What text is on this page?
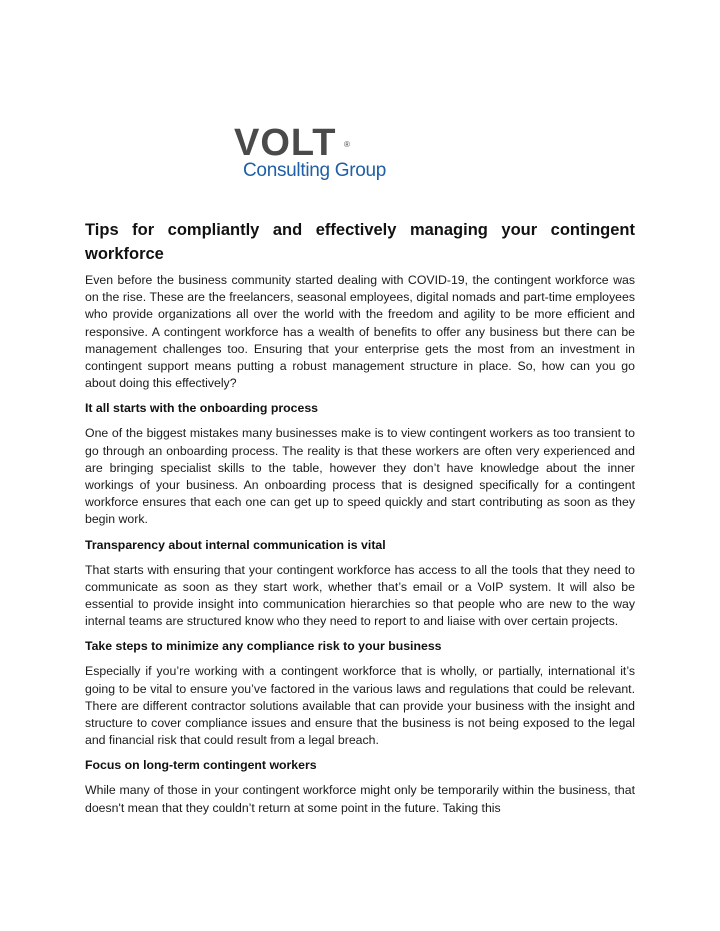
VOLT ®
Consulting Group
Tips for compliantly and effectively managing your contingent workforce

Even before the business community started dealing with COVID-19, the contingent workforce was on the rise. These are the freelancers, seasonal employees, digital nomads and part-time employees who provide organizations all over the world with the freedom and agility to be more efficient and responsive. A contingent workforce has a wealth of benefits to offer any business but there can be management challenges too. Ensuring that your enterprise gets the most from an investment in contingent support means putting a robust management structure in place. So, how can you go about doing this effectively?

It all starts with the onboarding process

One of the biggest mistakes many businesses make is to view contingent workers as too transient to go through an onboarding process. The reality is that these workers are often very experienced and are bringing specialist skills to the table, however they don’t have knowledge about the inner workings of your business. An onboarding process that is designed specifically for a contingent workforce ensures that each one can get up to speed quickly and start contributing as soon as they begin work.

Transparency about internal communication is vital

That starts with ensuring that your contingent workforce has access to all the tools that they need to communicate as soon as they start work, whether that’s email or a VoIP system. It will also be essential to provide insight into communication hierarchies so that people who are new to the way internal teams are structured know who they need to report to and liaise with over certain projects.

Take steps to minimize any compliance risk to your business

Especially if you’re working with a contingent workforce that is wholly, or partially, international it’s going to be vital to ensure you’ve factored in the various laws and regulations that could be relevant. There are different contractor solutions available that can provide your business with the insight and structure to cover compliance issues and ensure that the business is not being exposed to the legal and financial risk that could result from a legal breach.

Focus on long-term contingent workers

While many of those in your contingent workforce might only be temporarily within the business, that doesn't mean that they couldn’t return at some point in the future. Taking this
